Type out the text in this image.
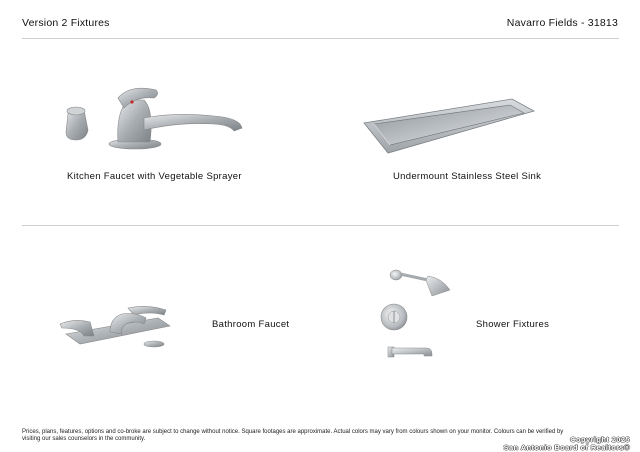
Version 2 Fixtures	Navarro Fields - 31813
Kitchen Faucet with Vegetable Sprayer	Undermount Stainless Steel Sink
Bathroom Faucet	Shower Fixtures
Prices, plans, features, options and co-broke are subject to change without notice. Square footages are approximate. Actual colors may vary from colours shown on your monitor. Colours can be verified by visiting our sales counselors in the community.	Copyright 2025
San Antonio Board of Realtors®
